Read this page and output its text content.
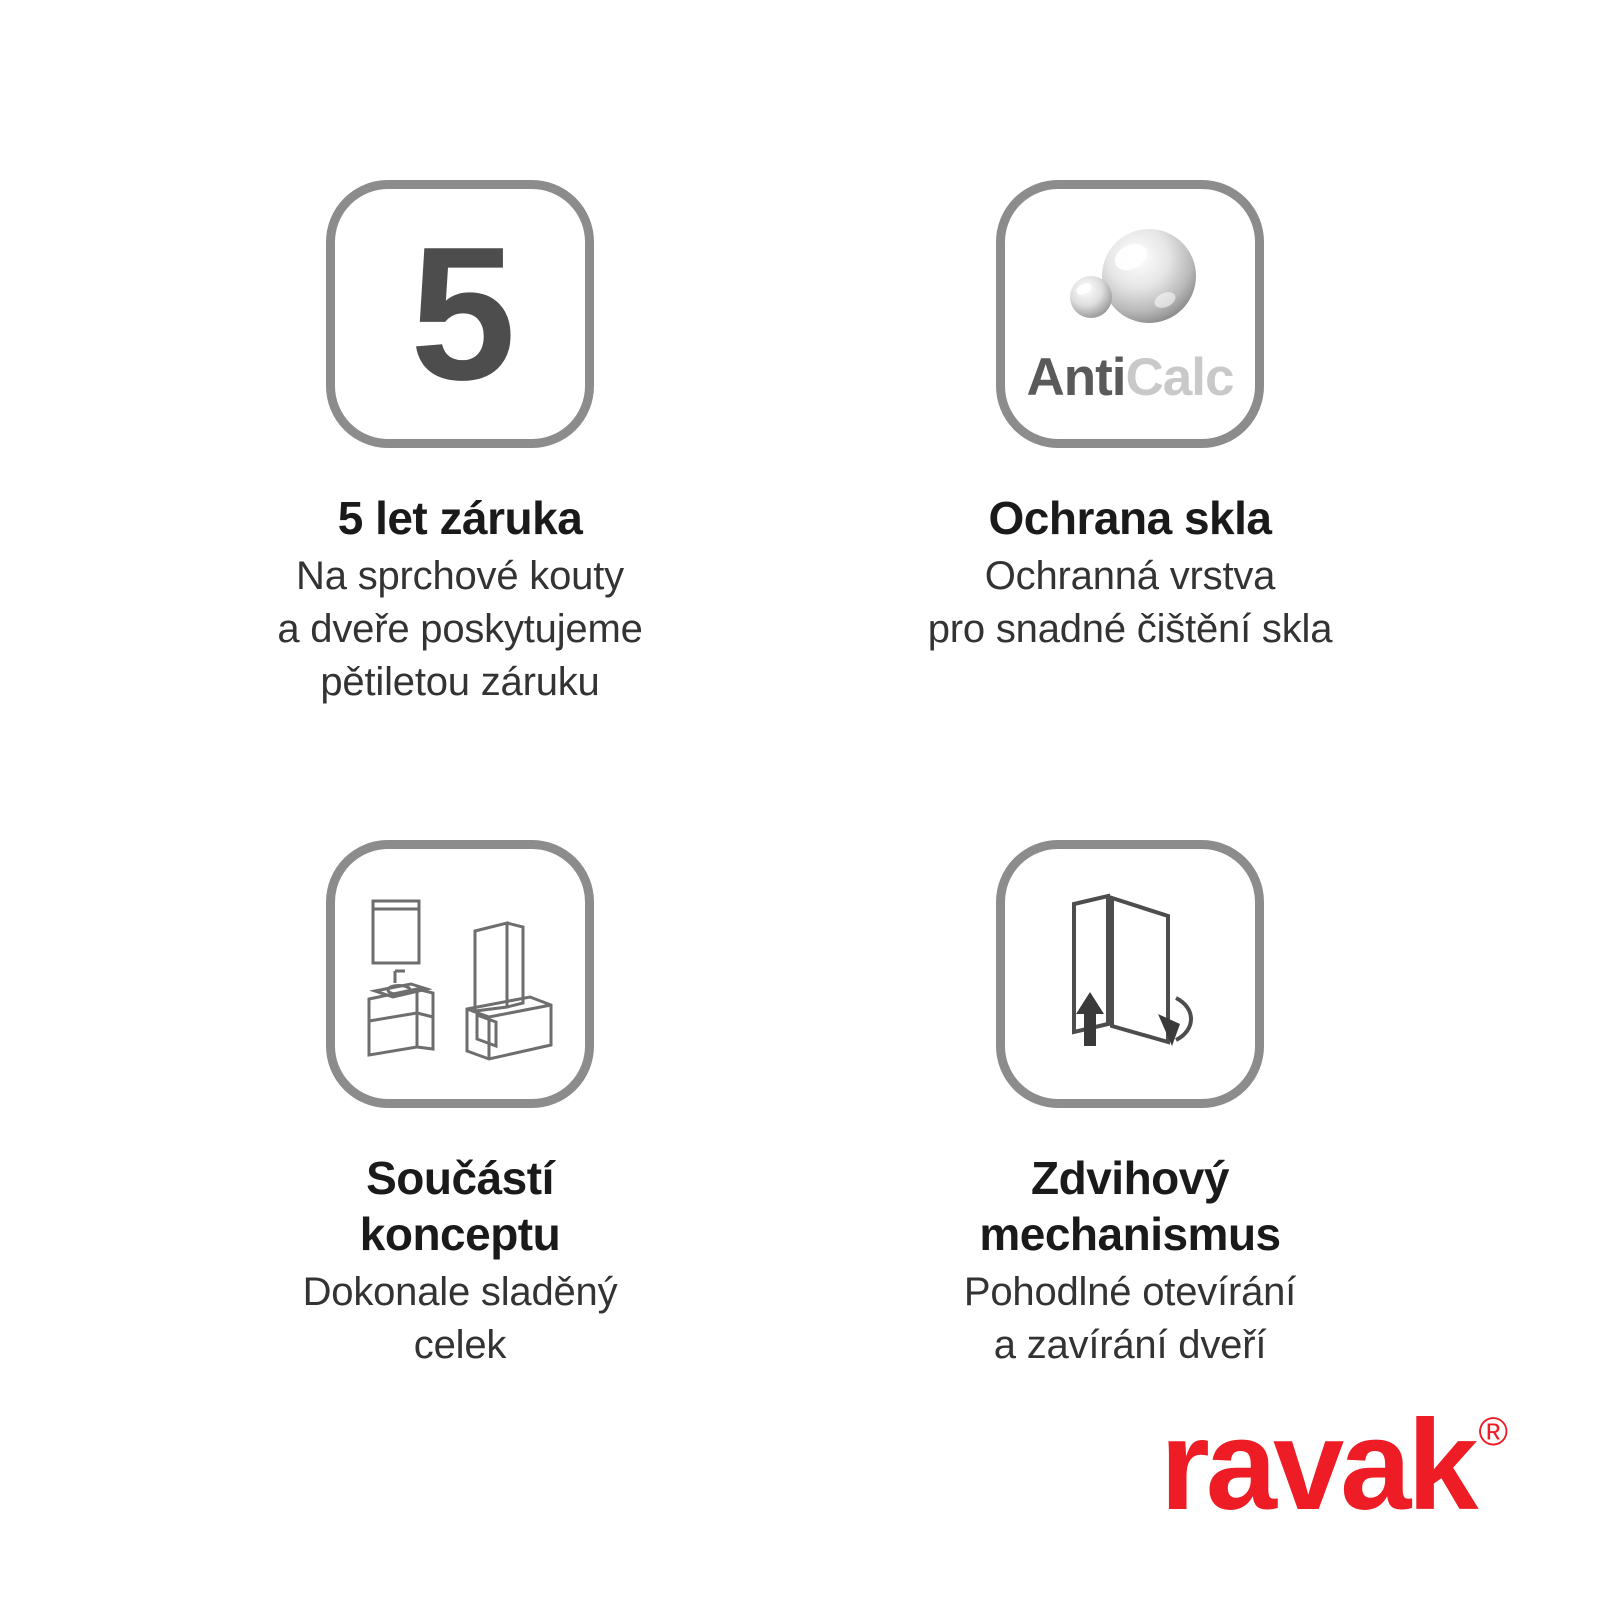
5
5 let záruka
Na sprchové kouty
a dveře poskytujeme
pětiletou záruku
AntiCalc
Ochrana skla
Ochranná vrstva
pro snadné čištění skla
Součástí
konceptu
Dokonale sladěný
celek
Zdvihový
mechanismus
Pohodlné otevírání
a zavírání dveří
ravak ®
